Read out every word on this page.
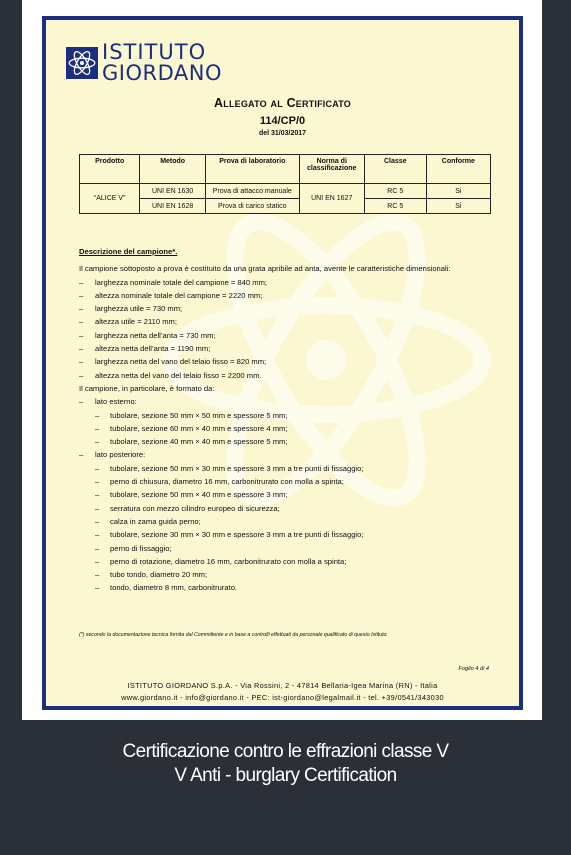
ISTITUTO
GIORDANO
Allegato al Certificato
114/CP/0
del 31/03/2017
Prodotto	Metodo	Prova di laboratorio	Norma di classificazione	Classe	Conforme
“ALICE V”	UNI EN 1630	Prova di attacco manuale	UNI EN 1627	RC 5	Si
	UNI EN 1628	Prova di carico statico		RC 5	Si
Descrizione del campione*.
Il campione sottoposto a prova è costituito da una grata apribile ad anta, avente le caratteristiche dimensionali:
– larghezza nominale totale del campione = 840 mm;
– altezza nominale totale del campione = 2220 mm;
– larghezza utile = 730 mm;
– altezza utile = 2110 mm;
– larghezza netta dell’anta = 730 mm;
– altezza netta dell’anta = 1190 mm;
– larghezza netta del vano del telaio fisso = 820 mm;
– altezza netta del vano del telaio fisso = 2200 mm.
Il campione, in particolare, è formato da:
– lato esterno:
– tubolare, sezione 50 mm × 50 mm e spessore 5 mm;
– tubolare, sezione 60 mm × 40 mm e spessore 4 mm;
– tubolare, sezione 40 mm × 40 mm e spessore 5 mm;
– lato posteriore:
– tubolare, sezione 50 mm × 30 mm e spessore 3 mm a tre punti di fissaggio;
– perno di chiusura, diametro 16 mm, carbonitrurato con molla a spinta;
– tubolare, sezione 50 mm × 40 mm e spessore 3 mm;
– serratura con mezzo cilindro europeo di sicurezza;
– calza in zama guida perno;
– tubolare, sezione 30 mm × 30 mm e spessore 3 mm a tre punti di fissaggio;
– perno di fissaggio;
– perno di rotazione, diametro 16 mm, carbonitrurato con molla a spinta;
– tubo tondo, diametro 20 mm;
– tondo, diametro 8 mm, carbonitrurato.
(*) secondo la documentazione tecnica fornita dal Committente e in base a controlli effettuati da personale qualificato di questo Istituto.
Foglio 4 di 4
ISTITUTO GIORDANO S.p.A. - Via Rossini, 2 - 47814 Bellaria-Igea Marina (RN) - Italia
www.giordano.it - info@giordano.it - PEC: ist-giordano@legalmail.it - tel. +39/0541/343030
Certificazione contro le effrazioni classe V
V Anti - burglary Certification
